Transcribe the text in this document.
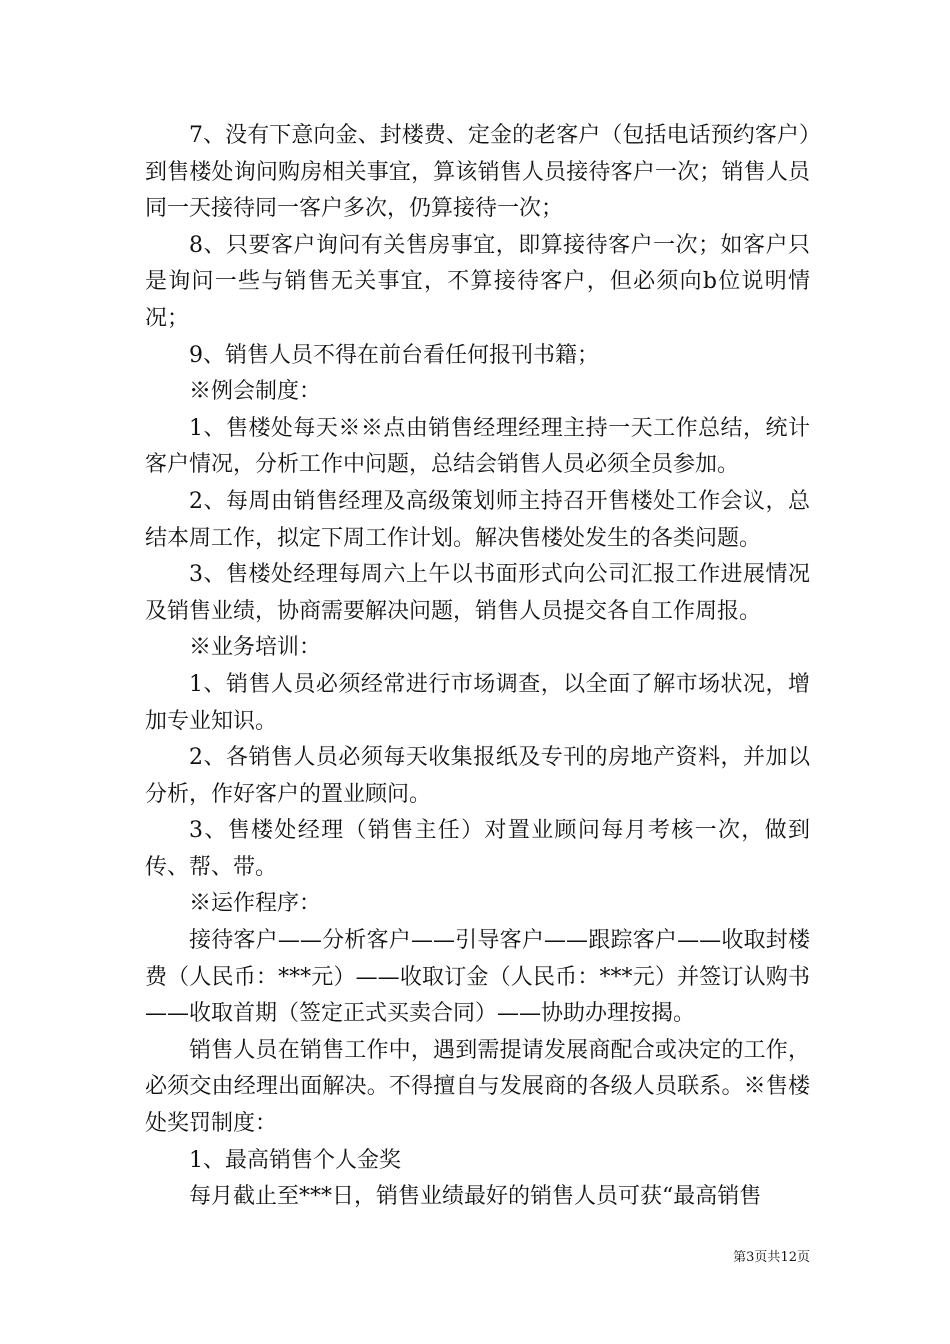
7、没有下意向金、封楼费、定金的老客户（包括电话预约客户）到售楼处询问购房相关事宜，算该销售人员接待客户一次；销售人员同一天接待同一客户多次，仍算接待一次；

8、只要客户询问有关售房事宜，即算接待客户一次；如客户只是询问一些与销售无关事宜，不算接待客户，但必须向b位说明情况；

9、销售人员不得在前台看任何报刊书籍；

※例会制度：

1、售楼处每天※※点由销售经理经理主持一天工作总结，统计客户情况，分析工作中问题，总结会销售人员必须全员参加。

2、每周由销售经理及高级策划师主持召开售楼处工作会议，总结本周工作，拟定下周工作计划。解决售楼处发生的各类问题。

3、售楼处经理每周六上午以书面形式向公司汇报工作进展情况及销售业绩，协商需要解决问题，销售人员提交各自工作周报。

※业务培训：

1、销售人员必须经常进行市场调查，以全面了解市场状况，增加专业知识。

2、各销售人员必须每天收集报纸及专刊的房地产资料，并加以分析，作好客户的置业顾问。

3、售楼处经理（销售主任）对置业顾问每月考核一次，做到传、帮、带。

※运作程序：

接待客户——分析客户——引导客户——跟踪客户——收取封楼费（人民币：***元）——收取订金（人民币：***元）并签订认购书——收取首期（签定正式买卖合同）——协助办理按揭。

销售人员在销售工作中，遇到需提请发展商配合或决定的工作，必须交由经理出面解决。不得擅自与发展商的各级人员联系。※售楼处奖罚制度：

1、最高销售个人金奖

每月截止至***日，销售业绩最好的销售人员可获“最高销售

第3页共12页
